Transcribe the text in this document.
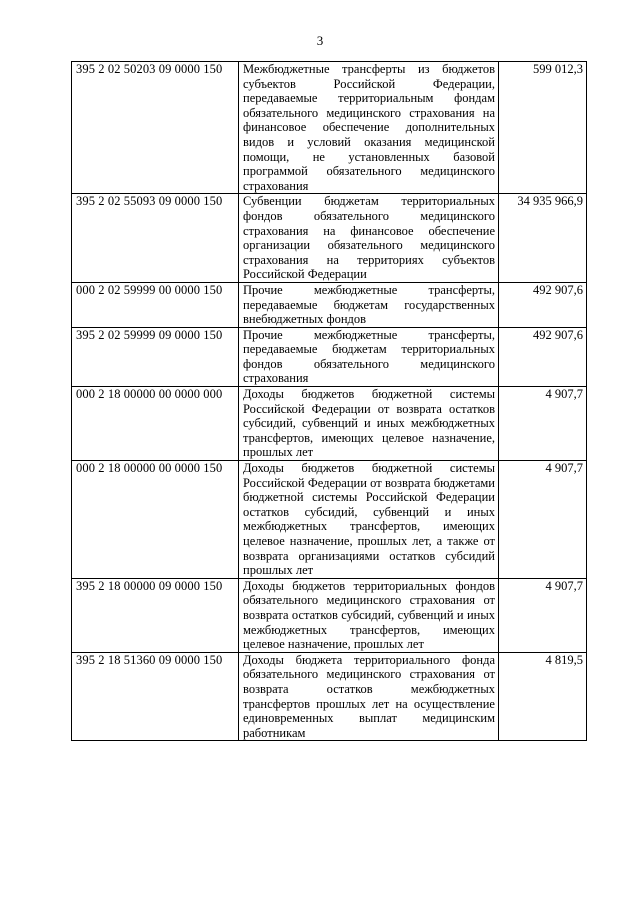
3
395 2 02 50203 09 0000 150	Межбюджетные трансферты из бюджетов субъектов Российской Федерации, передаваемые территориальным фондам обязательного медицинского страхования на финансовое обеспечение дополнительных видов и условий оказания медицинской помощи, не установленных базовой программой обязательного медицинского страхования	599 012,3
395 2 02 55093 09 0000 150	Субвенции бюджетам территориальных фондов обязательного медицинского страхования на финансовое обеспечение организации обязательного медицинского страхования на территориях субъектов Российской Федерации	34 935 966,9
000 2 02 59999 00 0000 150	Прочие межбюджетные трансферты, передаваемые бюджетам государственных внебюджетных фондов	492 907,6
395 2 02 59999 09 0000 150	Прочие межбюджетные трансферты, передаваемые бюджетам территориальных фондов обязательного медицинского страхования	492 907,6
000 2 18 00000 00 0000 000	Доходы бюджетов бюджетной системы Российской Федерации от возврата остатков субсидий, субвенций и иных межбюджетных трансфертов, имеющих целевое назначение, прошлых лет	4 907,7
000 2 18 00000 00 0000 150	Доходы бюджетов бюджетной системы Российской Федерации от возврата бюджетами бюджетной системы Российской Федерации остатков субсидий, субвенций и иных межбюджетных трансфертов, имеющих целевое назначение, прошлых лет, а также от возврата организациями остатков субсидий прошлых лет	4 907,7
395 2 18 00000 09 0000 150	Доходы бюджетов территориальных фондов обязательного медицинского страхования от возврата остатков субсидий, субвенций и иных межбюджетных трансфертов, имеющих целевое назначение, прошлых лет	4 907,7
395 2 18 51360 09 0000 150	Доходы бюджета территориального фонда обязательного медицинского страхования от возврата остатков межбюджетных трансфертов прошлых лет на осуществление единовременных выплат медицинским работникам	4 819,5
